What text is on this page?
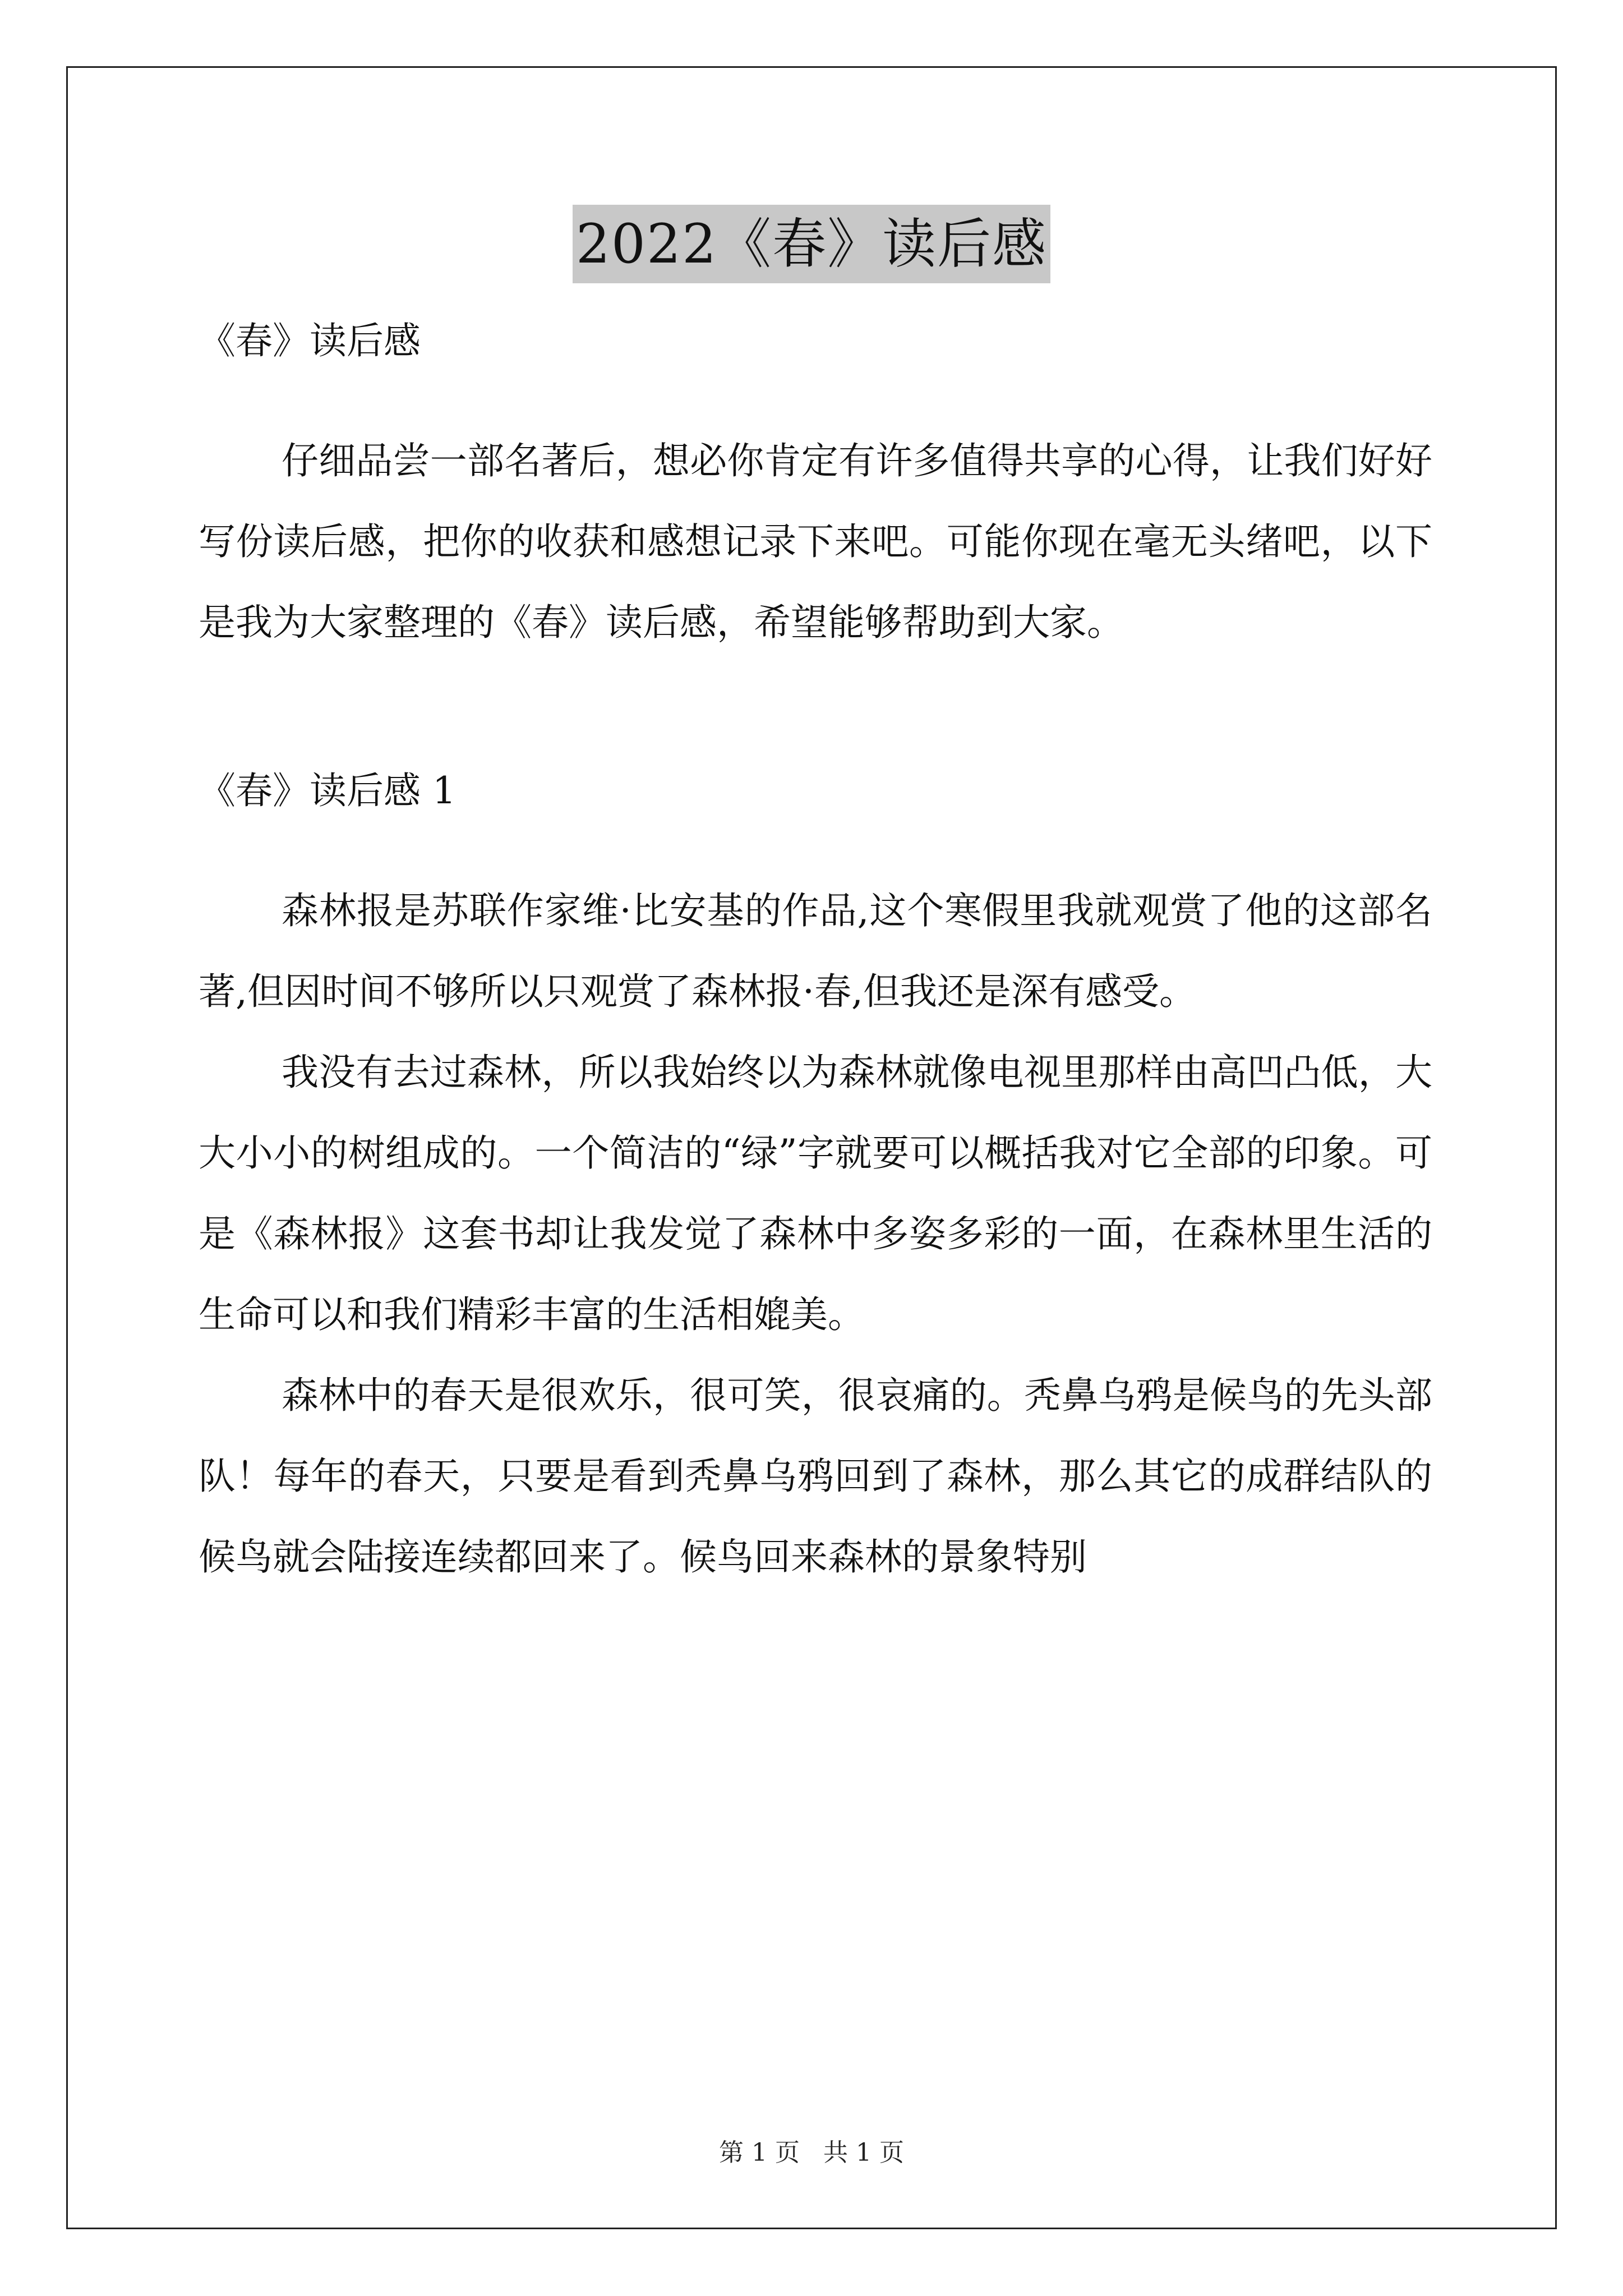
2022《春》读后感

《春》读后感

仔细品尝一部名著后，想必你肯定有许多值得共享的心得，让我们好好写份读后感，把你的收获和感想记录下来吧。可能你现在毫无头绪吧，以下是我为大家整理的《春》读后感，希望能够帮助到大家。

《春》读后感 1

森林报是苏联作家维·比安基的作品,这个寒假里我就观赏了他的这部名著,但因时间不够所以只观赏了森林报·春,但我还是深有感受。

我没有去过森林，所以我始终以为森林就像电视里那样由高凹凸低，大大小小的树组成的。一个简洁的“绿”字就要可以概括我对它全部的印象。可是《森林报》这套书却让我发觉了森林中多姿多彩的一面，在森林里生活的生命可以和我们精彩丰富的生活相媲美。

森林中的春天是很欢乐，很可笑，很哀痛的。秃鼻乌鸦是候鸟的先头部队！每年的春天，只要是看到秃鼻乌鸦回到了森林，那么其它的成群结队的候鸟就会陆接连续都回来了。候鸟回来森林的景象特别

第 1 页   共 1 页
